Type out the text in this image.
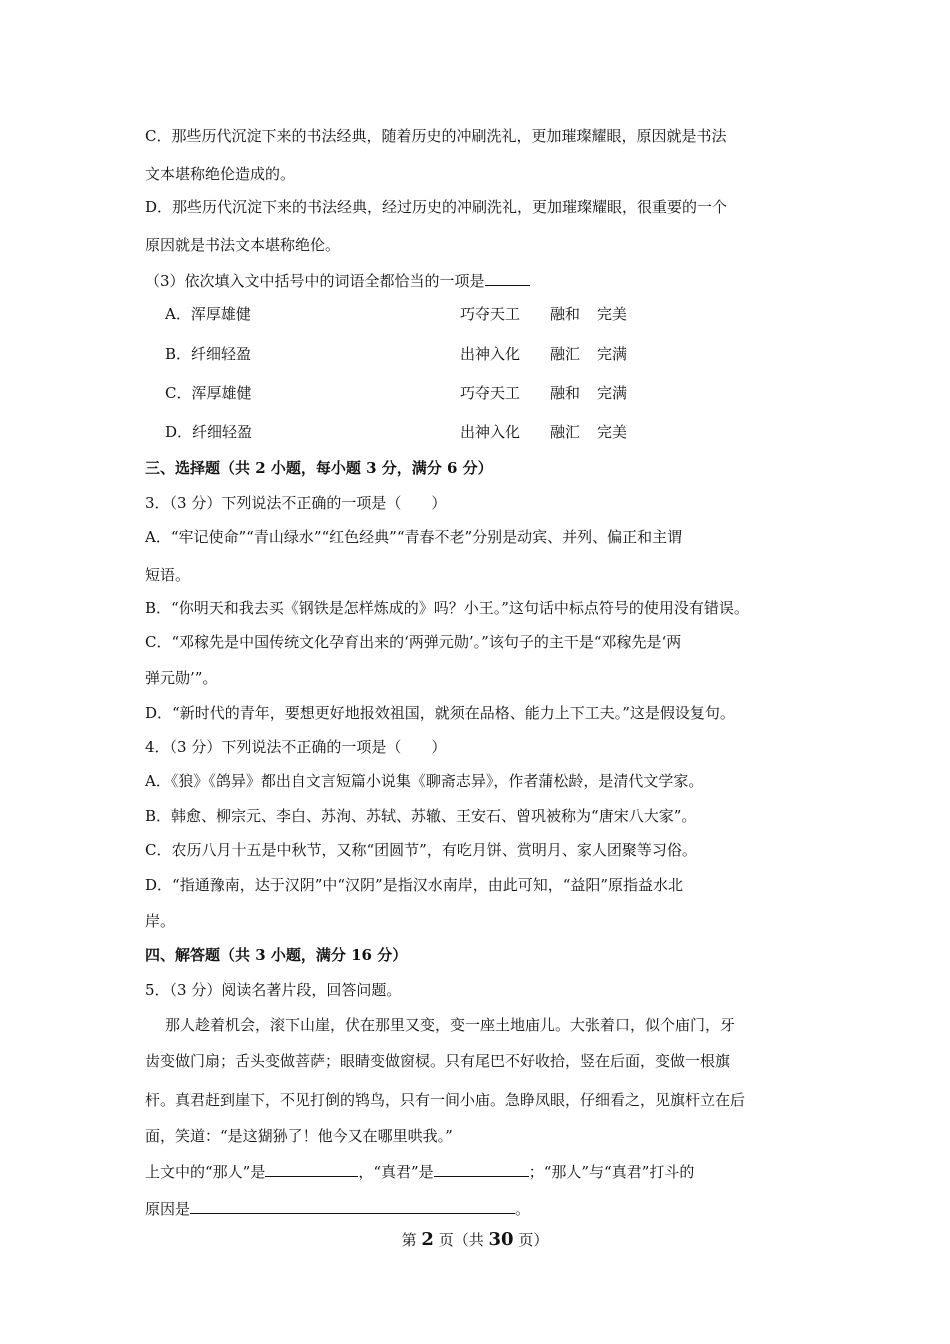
C．那些历代沉淀下来的书法经典，随着历史的冲刷洗礼，更加璀璨耀眼，原因就是书法
文本堪称绝伦造成的。
D．那些历代沉淀下来的书法经典，经过历史的冲刷洗礼，更加璀璨耀眼，很重要的一个
原因就是书法文本堪称绝伦。
（3）依次填入文中括号中的词语全都恰当的一项是
A．浑厚雄健	巧夺天工 融和 完美
B．纤细轻盈	出神入化 融汇 完满
C．浑厚雄健	巧夺天工 融和 完满
D．纤细轻盈	出神入化 融汇 完美
三、选择题（共 2 小题，每小题 3 分，满分 6 分）
3．（3 分）下列说法不正确的一项是（　　）
A．“牢记使命”“青山绿水”“红色经典”“青春不老”分别是动宾、并列、偏正和主谓
短语。
B．“你明天和我去买《钢铁是怎样炼成的》吗？小王。”这句话中标点符号的使用没有错误。
C．“邓稼先是中国传统文化孕育出来的‘两弹元勋’。”该句子的主干是“邓稼先是‘两
弹元勋’”。
D．“新时代的青年，要想更好地报效祖国，就须在品格、能力上下工夫。”这是假设复句。
4．（3 分）下列说法不正确的一项是（　　）
A．《狼》《鸽异》都出自文言短篇小说集《聊斋志异》，作者蒲松龄，是清代文学家。
B．韩愈、柳宗元、李白、苏洵、苏轼、苏辙、王安石、曾巩被称为“唐宋八大家”。
C．农历八月十五是中秋节，又称“团圆节”，有吃月饼、赏明月、家人团聚等习俗。
D．“指通豫南，达于汉阴”中“汉阴”是指汉水南岸，由此可知，“益阳”原指益水北
岸。
四、解答题（共 3 小题，满分 16 分）
5．（3 分）阅读名著片段，回答问题。
那人趁着机会，滚下山崖，伏在那里又变，变一座土地庙儿。大张着口，似个庙门，牙
齿变做门扇；舌头变做菩萨；眼睛变做窗棂。只有尾巴不好收拾，竖在后面，变做一根旗
杆。真君赶到崖下，不见打倒的鸨鸟，只有一间小庙。急睁凤眼，仔细看之，见旗杆立在后
面，笑道：“是这猢狲了！他今又在哪里哄我。”
上文中的“那人”是	，“真君”是	；“那人”与“真君”打斗的
原因是	。
第 2 页（共 30 页）
